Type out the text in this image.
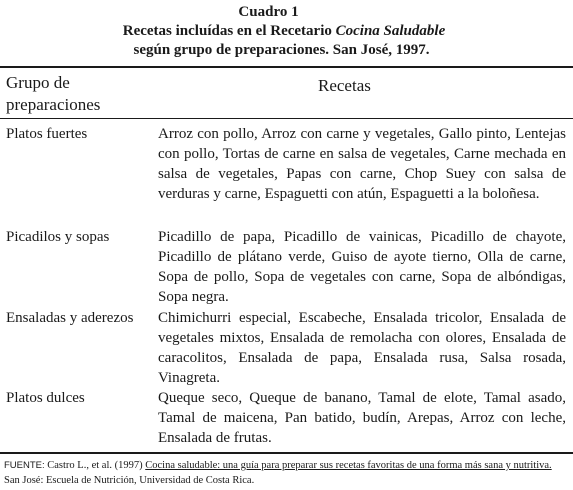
Cuadro 1
Recetas incluídas en el Recetario Cocina Saludable
según grupo de preparaciones. San José, 1997.
Grupo de preparaciones
Recetas
Platos fuertes	Arroz con pollo, Arroz con carne y vegetales, Gallo pinto, Lentejas con pollo, Tortas de carne en salsa de vegetales, Carne mechada en salsa de vegetales, Papas con carne, Chop Suey con salsa de verduras y carne, Espaguetti con atún, Espaguetti a la boloñesa.
Picadilos y sopas	Picadillo de papa, Picadillo de vainicas, Picadillo de chayote, Picadillo de plátano verde, Guiso de ayote tierno, Olla de carne, Sopa de pollo, Sopa de vegetales con carne, Sopa de albóndigas, Sopa negra.
Ensaladas y aderezos	Chimichurri especial, Escabeche, Ensalada tricolor, Ensalada de vegetales mixtos, Ensalada de remolacha con olores, Ensalada de caracolitos, Ensalada de papa, Ensalada rusa, Salsa rosada, Vinagreta.
Platos dulces	Queque seco, Queque de banano, Tamal de elote, Tamal asado, Tamal de maicena, Pan batido, budín, Arepas, Arroz con leche, Ensalada de frutas.
FUENTE: Castro L., et al. (1997) Cocina saludable: una guía para preparar sus recetas favoritas de una forma más sana y nutritiva. San José: Escuela de Nutrición, Universidad de Costa Rica.
